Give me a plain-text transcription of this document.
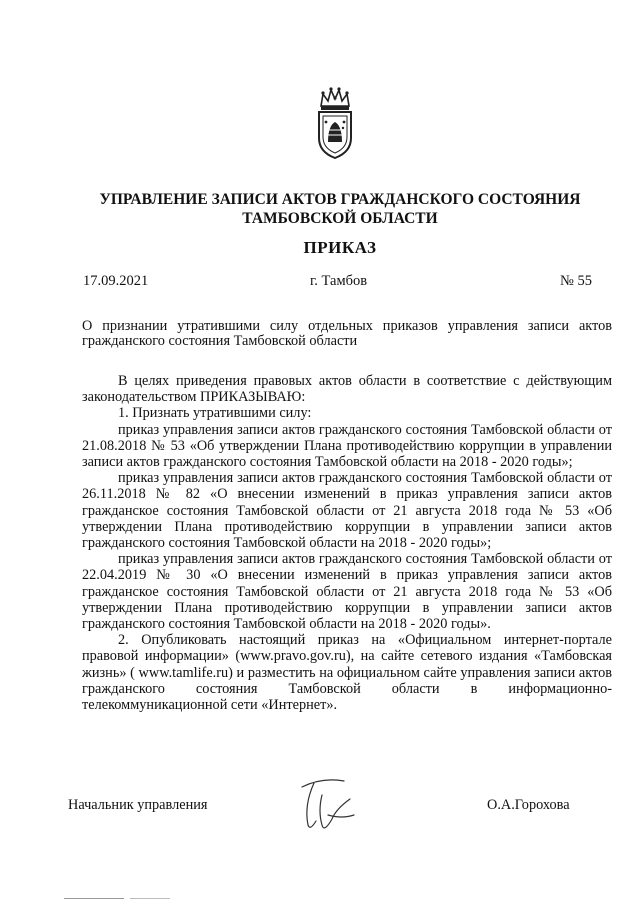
УПРАВЛЕНИЕ ЗАПИСИ АКТОВ ГРАЖДАНСКОГО СОСТОЯНИЯ
ТАМБОВСКОЙ ОБЛАСТИ
ПРИКАЗ
17.09.2021	г. Тамбов	№ 55
О признании утратившими силу отдельных приказов управления записи актов гражданского состояния Тамбовской области

В целях приведения правовых актов области в соответствие с действующим законодательством ПРИКАЗЫВАЮ:

1. Признать утратившими силу:

приказ управления записи актов гражданского состояния Тамбовской области от 21.08.2018 № 53 «Об утверждении Плана противодействию коррупции в управлении записи актов гражданского состояния Тамбовской области на 2018 - 2020 годы»;

приказ управления записи актов гражданского состояния Тамбовской области от 26.11.2018 № 82 «О внесении изменений в приказ управления записи актов гражданское состояния Тамбовской области от 21 августа 2018 года № 53 «Об утверждении Плана противодействию коррупции в управлении записи актов гражданского состояния Тамбовской области на 2018 - 2020 годы»;

приказ управления записи актов гражданского состояния Тамбовской области от 22.04.2019 № 30 «О внесении изменений в приказ управления записи актов гражданское состояния Тамбовской области от 21 августа 2018 года № 53 «Об утверждении Плана противодействию коррупции в управлении записи актов гражданского состояния Тамбовской области на 2018 - 2020 годы».

2. Опубликовать настоящий приказ на «Официальном интернет-портале правовой информации» (www.pravo.gov.ru), на сайте сетевого издания «Тамбовская жизнь» ( www.tamlife.ru) и разместить на официальном сайте управления записи актов гражданского состояния Тамбовской области в информационно-телекоммуникационной сети «Интернет».

Начальник управления	О.А.Горохова
